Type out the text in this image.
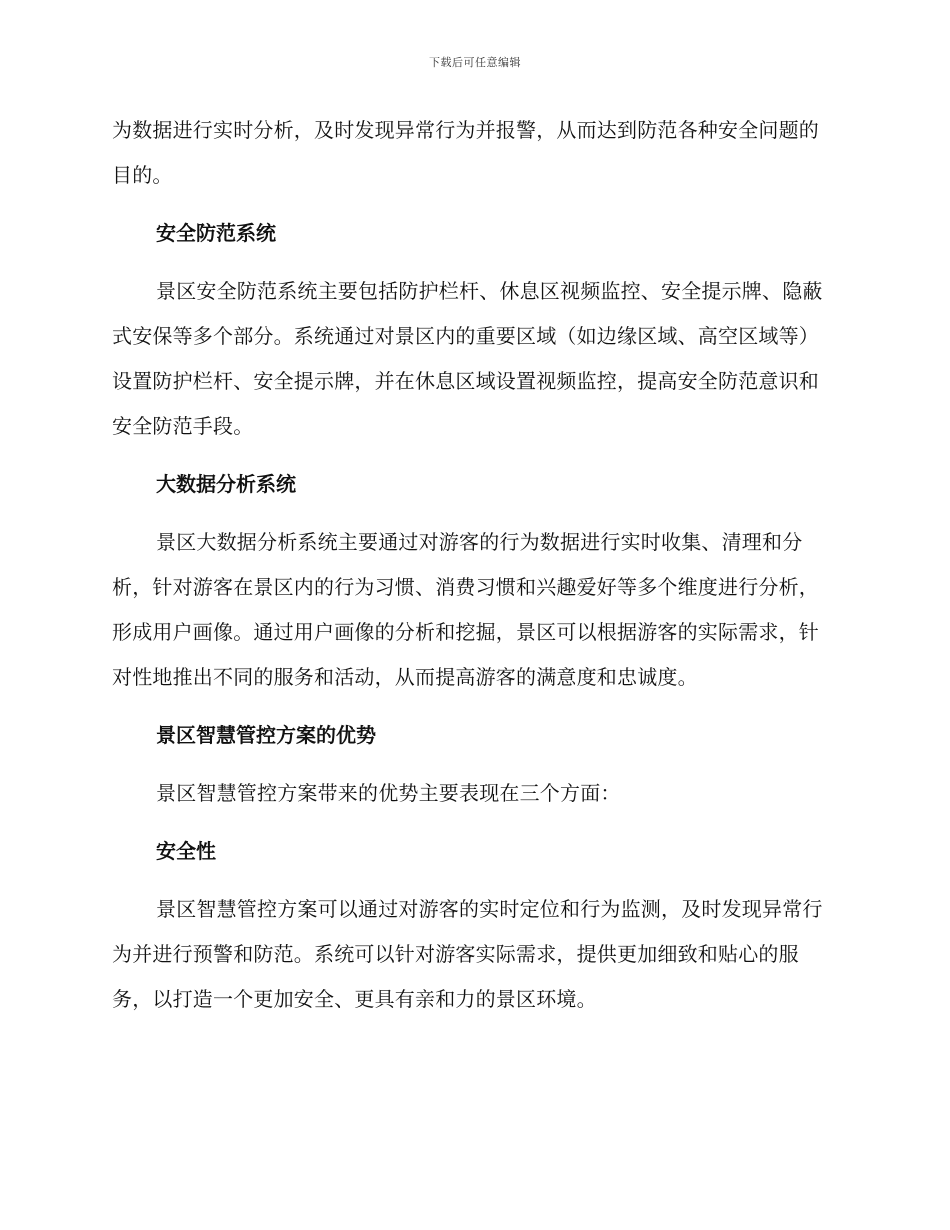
下载后可任意编辑

为数据进行实时分析，及时发现异常行为并报警，从而达到防范各种安全问题的目的。

安全防范系统

景区安全防范系统主要包括防护栏杆、休息区视频监控、安全提示牌、隐蔽式安保等多个部分。系统通过对景区内的重要区域（如边缘区域、高空区域等）设置防护栏杆、安全提示牌，并在休息区域设置视频监控，提高安全防范意识和安全防范手段。

大数据分析系统

景区大数据分析系统主要通过对游客的行为数据进行实时收集、清理和分析，针对游客在景区内的行为习惯、消费习惯和兴趣爱好等多个维度进行分析，形成用户画像。通过用户画像的分析和挖掘，景区可以根据游客的实际需求，针对性地推出不同的服务和活动，从而提高游客的满意度和忠诚度。

景区智慧管控方案的优势

景区智慧管控方案带来的优势主要表现在三个方面：

安全性

景区智慧管控方案可以通过对游客的实时定位和行为监测，及时发现异常行为并进行预警和防范。系统可以针对游客实际需求，提供更加细致和贴心的服务，以打造一个更加安全、更具有亲和力的景区环境。
